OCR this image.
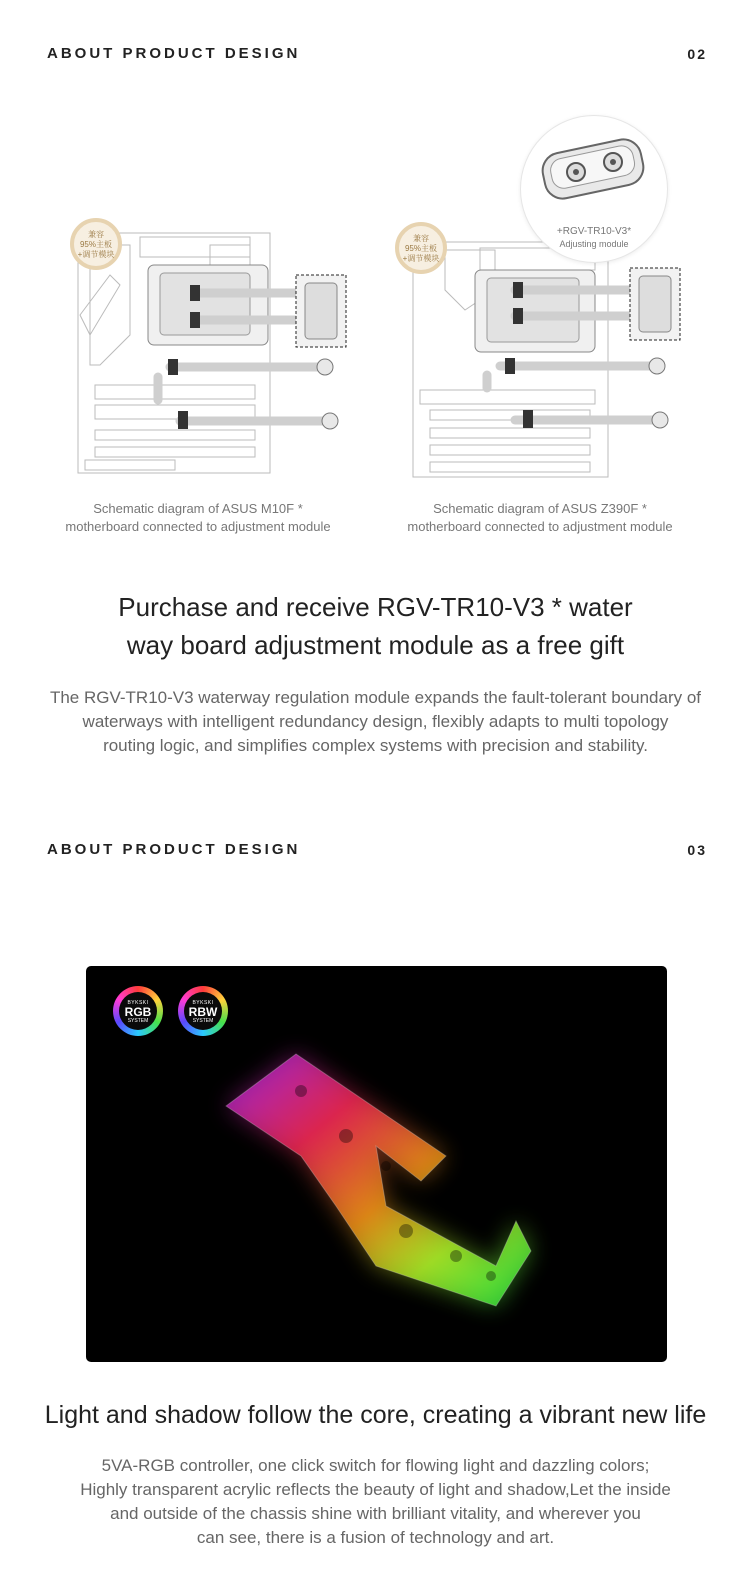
ABOUT PRODUCT DESIGN	02
兼容
95%主板
+调节模块
兼容
95%主板
+调节模块
+RGV-TR10-V3*
Adjusting module
Schematic diagram of ASUS M10F *
motherboard connected to adjustment module
Schematic diagram of ASUS Z390F *
motherboard connected to adjustment module
Purchase and receive RGV-TR10-V3 * water
way board adjustment module as a free gift
The RGV-TR10-V3 waterway regulation module expands the fault-tolerant boundary of
waterways with intelligent redundancy design, flexibly adapts to multi topology
routing logic, and simplifies complex systems with precision and stability.
ABOUT PRODUCT DESIGN	03
BYKSKI
RGB
SYSTEM
BYKSKI
RBW
SYSTEM
Light and shadow follow the core, creating a vibrant new life
5VA-RGB controller, one click switch for flowing light and dazzling colors;
Highly transparent acrylic reflects the beauty of light and shadow,Let the inside
and outside of the chassis shine with brilliant vitality, and wherever you
can see, there is a fusion of technology and art.
